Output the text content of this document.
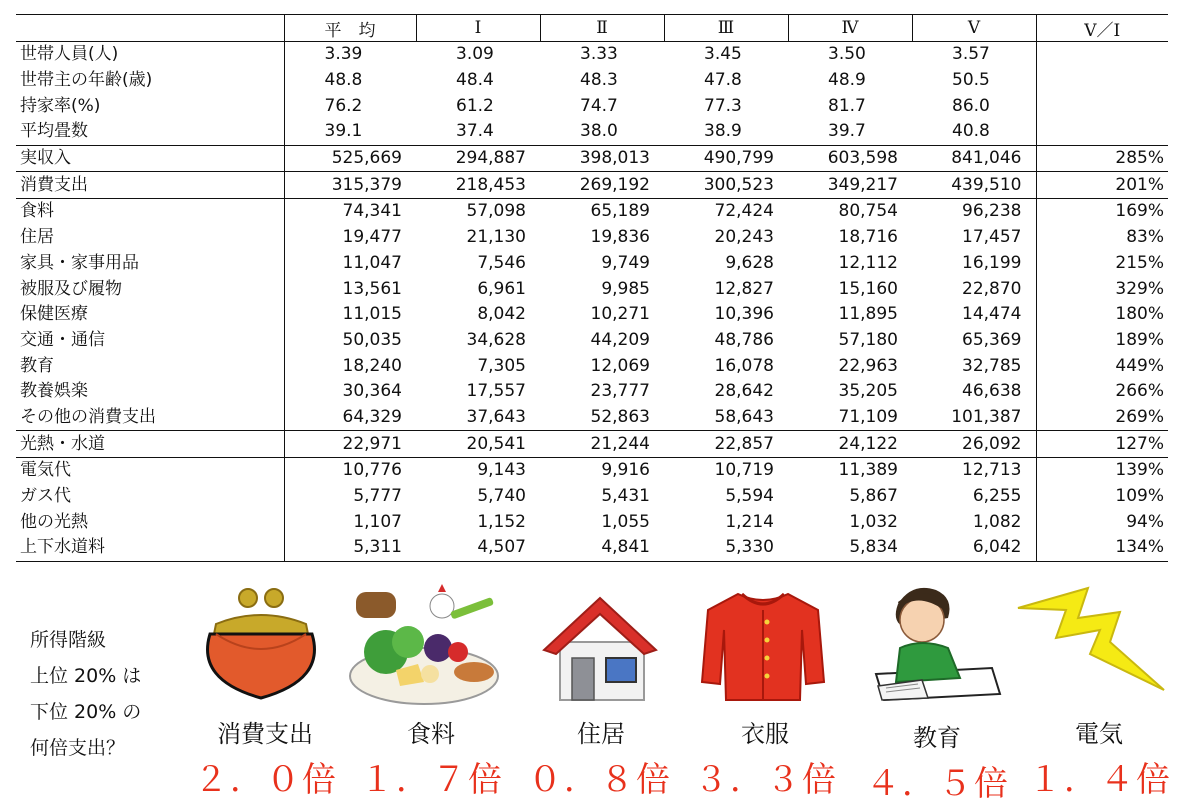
	平　均	Ⅰ	Ⅱ	Ⅲ	Ⅳ	Ⅴ	Ⅴ／Ⅰ
世帯人員(人)	3.39	3.09	3.33	3.45	3.50	3.57	
世帯主の年齢(歳)	48.8	48.4	48.3	47.8	48.9	50.5	
持家率(%)	76.2	61.2	74.7	77.3	81.7	86.0	
平均畳数	39.1	37.4	38.0	38.9	39.7	40.8	
実収入	525,669	294,887	398,013	490,799	603,598	841,046	285%
消費支出	315,379	218,453	269,192	300,523	349,217	439,510	201%
食料	74,341	57,098	65,189	72,424	80,754	96,238	169%
住居	19,477	21,130	19,836	20,243	18,716	17,457	83%
家具・家事用品	11,047	7,546	9,749	9,628	12,112	16,199	215%
被服及び履物	13,561	6,961	9,985	12,827	15,160	22,870	329%
保健医療	11,015	8,042	10,271	10,396	11,895	14,474	180%
交通・通信	50,035	34,628	44,209	48,786	57,180	65,369	189%
教育	18,240	7,305	12,069	16,078	22,963	32,785	449%
教養娯楽	30,364	17,557	23,777	28,642	35,205	46,638	266%
その他の消費支出	64,329	37,643	52,863	58,643	71,109	101,387	269%
光熱・水道	22,971	20,541	21,244	22,857	24,122	26,092	127%
電気代	10,776	9,143	9,916	10,719	11,389	12,713	139%
ガス代	5,777	5,740	5,431	5,594	5,867	6,255	109%
他の光熱	1,107	1,152	1,055	1,214	1,032	1,082	94%
上下水道料	5,311	4,507	4,841	5,330	5,834	6,042	134%
所得階級
上位 20% は
下位 20% の
何倍支出？	消費支出	食料	住居	衣服	教育	電気
２．０倍 １．７倍 ０．８倍 ３．３倍 ４．５倍 １．４倍
